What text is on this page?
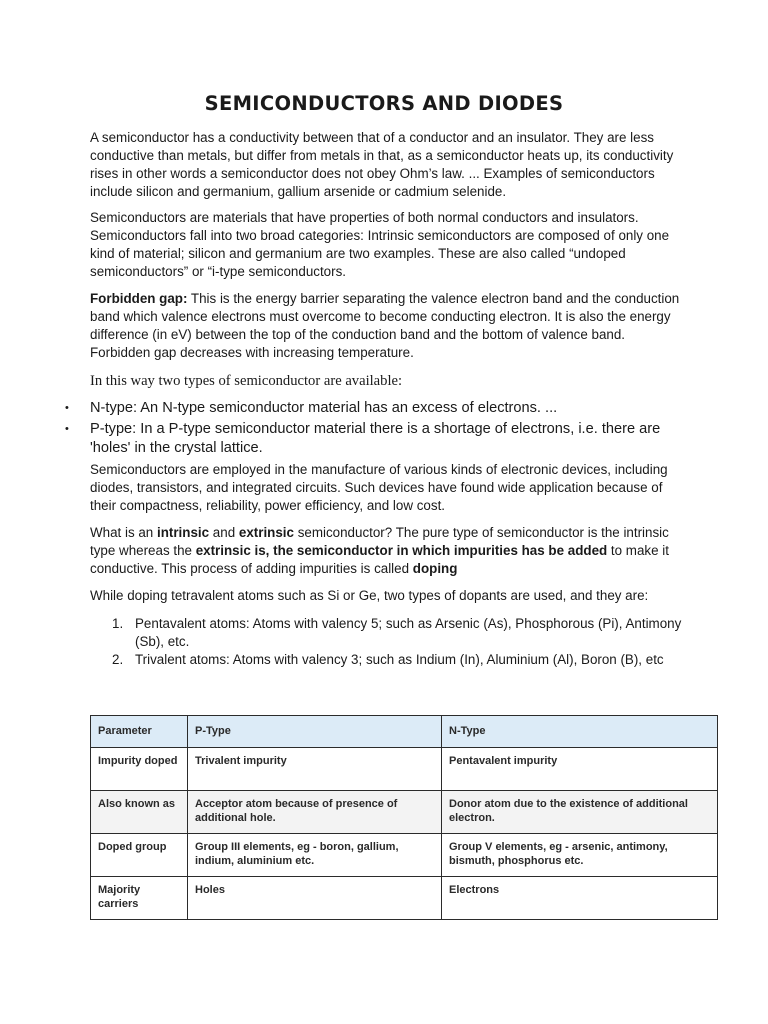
SEMICONDUCTORS AND DIODES

A semiconductor has a conductivity between that of a conductor and an insulator. They are less conductive than metals, but differ from metals in that, as a semiconductor heats up, its conductivity rises in other words a semiconductor does not obey Ohm’s law. ... Examples of semiconductors include silicon and germanium, gallium arsenide or cadmium selenide.

Semiconductors are materials that have properties of both normal conductors and insulators. Semiconductors fall into two broad categories: Intrinsic semiconductors are composed of only one kind of material; silicon and germanium are two examples. These are also called “undoped semiconductors” or “i-type semiconductors.

Forbidden gap: This is the energy barrier separating the valence electron band and the conduction band which valence electrons must overcome to become conducting electron. It is also the energy difference (in eV) between the top of the conduction band and the bottom of valence band. Forbidden gap decreases with increasing temperature.

In this way two types of semiconductor are available:

• N-type: An N-type semiconductor material has an excess of electrons. ...
• P-type: In a P-type semiconductor material there is a shortage of electrons, i.e. there are 'holes' in the crystal lattice.

Semiconductors are employed in the manufacture of various kinds of electronic devices, including diodes, transistors, and integrated circuits. Such devices have found wide application because of their compactness, reliability, power efficiency, and low cost.

What is an intrinsic and extrinsic semiconductor? The pure type of semiconductor is the intrinsic type whereas the extrinsic is, the semiconductor in which impurities has be added to make it conductive. This process of adding impurities is called doping

While doping tetravalent atoms such as Si or Ge, two types of dopants are used, and they are:

1. Pentavalent atoms: Atoms with valency 5; such as Arsenic (As), Phosphorous (Pi), Antimony (Sb), etc.
2. Trivalent atoms: Atoms with valency 3; such as Indium (In), Aluminium (Al), Boron (B), etc
Parameter	P-Type	N-Type
Impurity doped	Trivalent impurity	Pentavalent impurity
Also known as	Acceptor atom because of presence of additional hole.	Donor atom due to the existence of additional electron.
Doped group	Group III elements, eg - boron, gallium, indium, aluminium etc.	Group V elements, eg - arsenic, antimony, bismuth, phosphorus etc.
Majority carriers	Holes	Electrons
